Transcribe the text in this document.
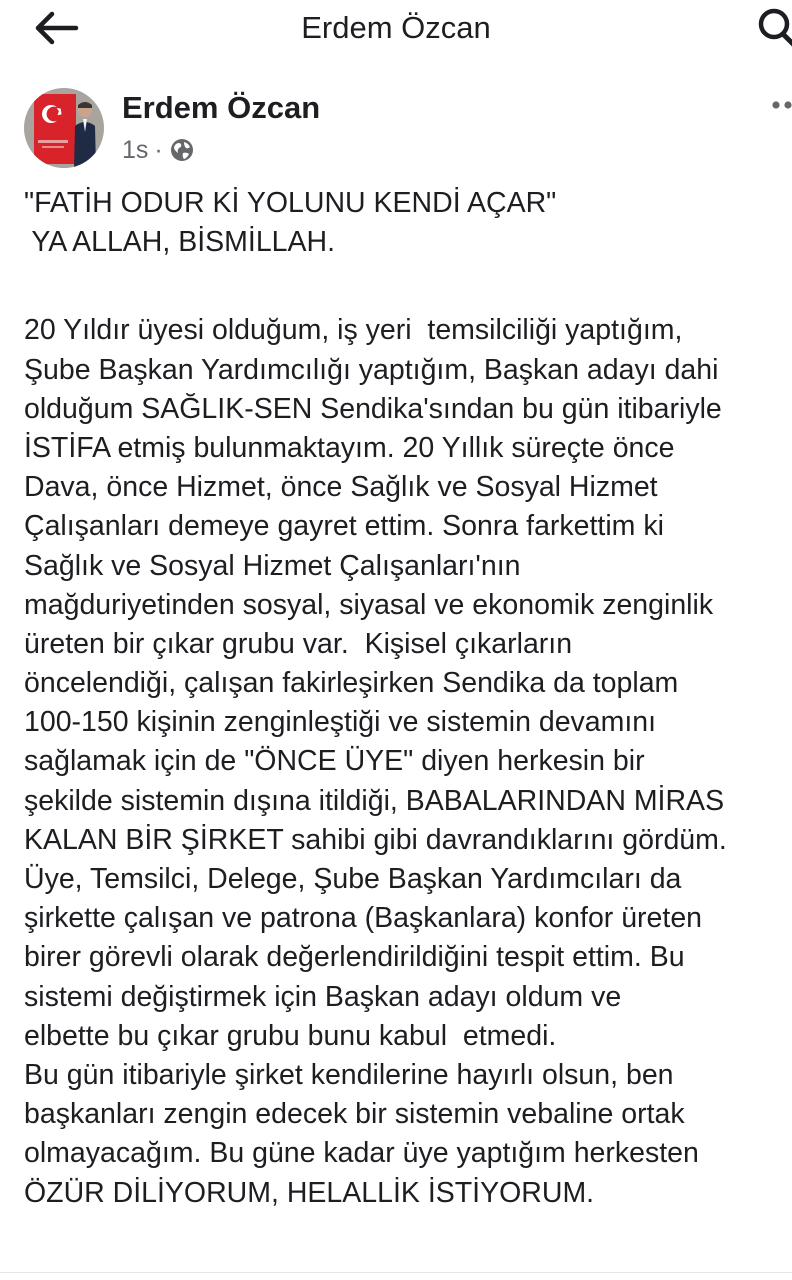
Erdem Özcan
Erdem Özcan
1s ·
"FATİH ODUR Kİ YOLUNU KENDİ AÇAR"
YA ALLAH, BİSMİLLAH.
20 Yıldır üyesi olduğum, iş yeri  temsilciliği yaptığım,
Şube Başkan Yardımcılığı yaptığım, Başkan adayı dahi
olduğum SAĞLIK-SEN Sendika'sından bu gün itibariyle
İSTİFA etmiş bulunmaktayım. 20 Yıllık süreçte önce
Dava, önce Hizmet, önce Sağlık ve Sosyal Hizmet
Çalışanları demeye gayret ettim. Sonra farkettim ki
Sağlık ve Sosyal Hizmet Çalışanları'nın
mağduriyetinden sosyal, siyasal ve ekonomik zenginlik
üreten bir çıkar grubu var.  Kişisel çıkarların
öncelendiği, çalışan fakirleşirken Sendika da toplam
100-150 kişinin zenginleştiği ve sistemin devamını
sağlamak için de "ÖNCE ÜYE" diyen herkesin bir
şekilde sistemin dışına itildiği, BABALARINDAN MİRAS
KALAN BİR ŞİRKET sahibi gibi davrandıklarını gördüm.
Üye, Temsilci, Delege, Şube Başkan Yardımcıları da
şirkette çalışan ve patrona (Başkanlara) konfor üreten
birer görevli olarak değerlendirildiğini tespit ettim. Bu
sistemi değiştirmek için Başkan adayı oldum ve
elbette bu çıkar grubu bunu kabul  etmedi.
Bu gün itibariyle şirket kendilerine hayırlı olsun, ben
başkanları zengin edecek bir sistemin vebaline ortak
olmayacağım. Bu güne kadar üye yaptığım herkesten
ÖZÜR DİLİYORUM, HELALLİK İSTİYORUM.
